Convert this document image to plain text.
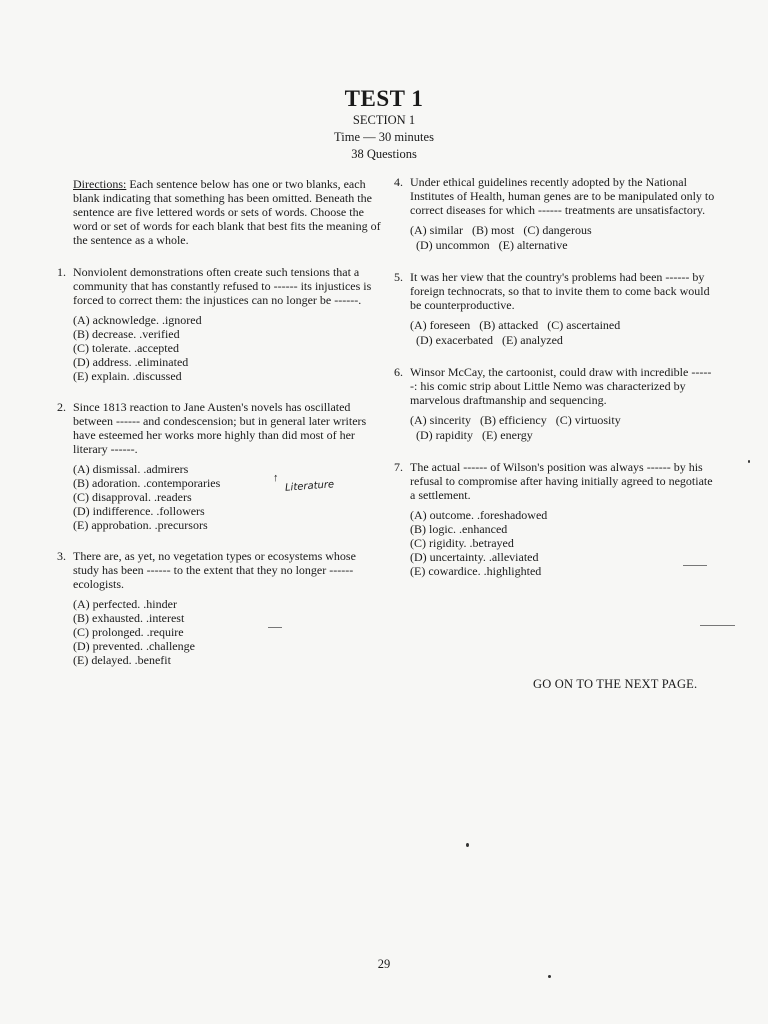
TEST 1
SECTION 1
Time — 30 minutes
38 Questions

Directions: Each sentence below has one or two blanks, each blank indicating that something has been omitted. Beneath the sentence are five lettered words or sets of words. Choose the word or set of words for each blank that best fits the meaning of the sentence as a whole.

1. Nonviolent demonstrations often create such tensions that a community that has constantly refused to ------ its injustices is forced to correct them: the injustices can no longer be ------.

(A) acknowledge. .ignored
(B) decrease. .verified
(C) tolerate. .accepted
(D) address. .eliminated
(E) explain. .discussed
2. Since 1813 reaction to Jane Austen's novels has oscillated between ------ and condescension; but in general later writers have esteemed her works more highly than did most of her literary ------.

(A) dismissal. .admirers
(B) adoration. .contemporaries
(C) disapproval. .readers
(D) indifference. .followers
(E) approbation. .precursors
3. There are, as yet, no vegetation types or ecosystems whose study has been ------ to the extent that they no longer ------ ecologists.

(A) perfected. .hinder
(B) exhausted. .interest
(C) prolonged. .require
(D) prevented. .challenge
(E) delayed. .benefit
4. Under ethical guidelines recently adopted by the National Institutes of Health, human genes are to be manipulated only to correct diseases for which ------ treatments are unsatisfactory.

(A) similar   (B) most   (C) dangerous
(D) uncommon   (E) alternative
5. It was her view that the country's problems had been ------ by foreign technocrats, so that to invite them to come back would be counterproductive.

(A) foreseen   (B) attacked   (C) ascertained
(D) exacerbated   (E) analyzed
6. Winsor McCay, the cartoonist, could draw with incredible ------: his comic strip about Little Nemo was characterized by marvelous draftmanship and sequencing.

(A) sincerity   (B) efficiency   (C) virtuosity
(D) rapidity   (E) energy
7. The actual ------ of Wilson's position was always ------ by his refusal to compromise after having initially agreed to negotiate a settlement.

(A) outcome. .foreshadowed
(B) logic. .enhanced
(C) rigidity. .betrayed
(D) uncertainty. .alleviated
(E) cowardice. .highlighted
↑
Literature
GO ON TO THE NEXT PAGE.
29
